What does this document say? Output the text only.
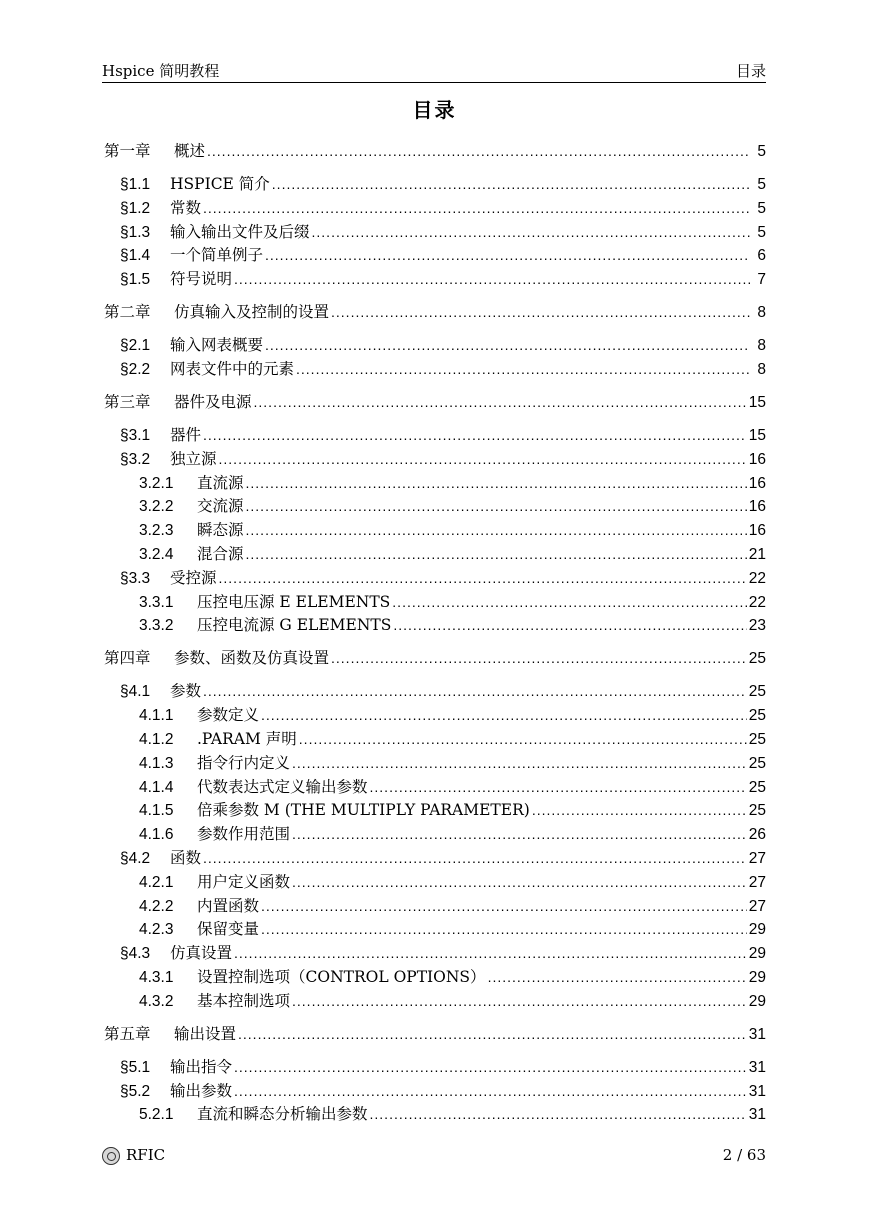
Hspice 简明教程	目录
目录
第一章	概述 .....	5
§1.1	HSPICE 简介 .....	5
§1.2	常数 .....	5
§1.3	输入输出文件及后缀 .....	5
§1.4	一个简单例子 .....	6
§1.5	符号说明 .....	7
第二章	仿真输入及控制的设置 .....	8
§2.1	输入网表概要 .....	8
§2.2	网表文件中的元素 .....	8
第三章	器件及电源 .....	15
§3.1	器件 .....	15
§3.2	独立源 .....	16
3.2.1	直流源 .....	16
3.2.2	交流源 .....	16
3.2.3	瞬态源 .....	16
3.2.4	混合源 .....	21
§3.3	受控源 .....	22
3.3.1	压控电压源 E ELEMENTS .....	22
3.3.2	压控电流源 G ELEMENTS .....	23
第四章	参数、函数及仿真设置 .....	25
§4.1	参数 .....	25
4.1.1	参数定义 .....	25
4.1.2	.PARAM 声明 .....	25
4.1.3	指令行内定义 .....	25
4.1.4	代数表达式定义输出参数 .....	25
4.1.5	倍乘参数 M (THE MULTIPLY PARAMETER) .....	25
4.1.6	参数作用范围 .....	26
§4.2	函数 .....	27
4.2.1	用户定义函数 .....	27
4.2.2	内置函数 .....	27
4.2.3	保留变量 .....	29
§4.3	仿真设置 .....	29
4.3.1	设置控制选项（CONTROL OPTIONS） .....	29
4.3.2	基本控制选项 .....	29
第五章	输出设置 .....	31
§5.1	输出指令 .....	31
§5.2	输出参数 .....	31
5.2.1	直流和瞬态分析输出参数 .....	31
RFIC	2 / 63
